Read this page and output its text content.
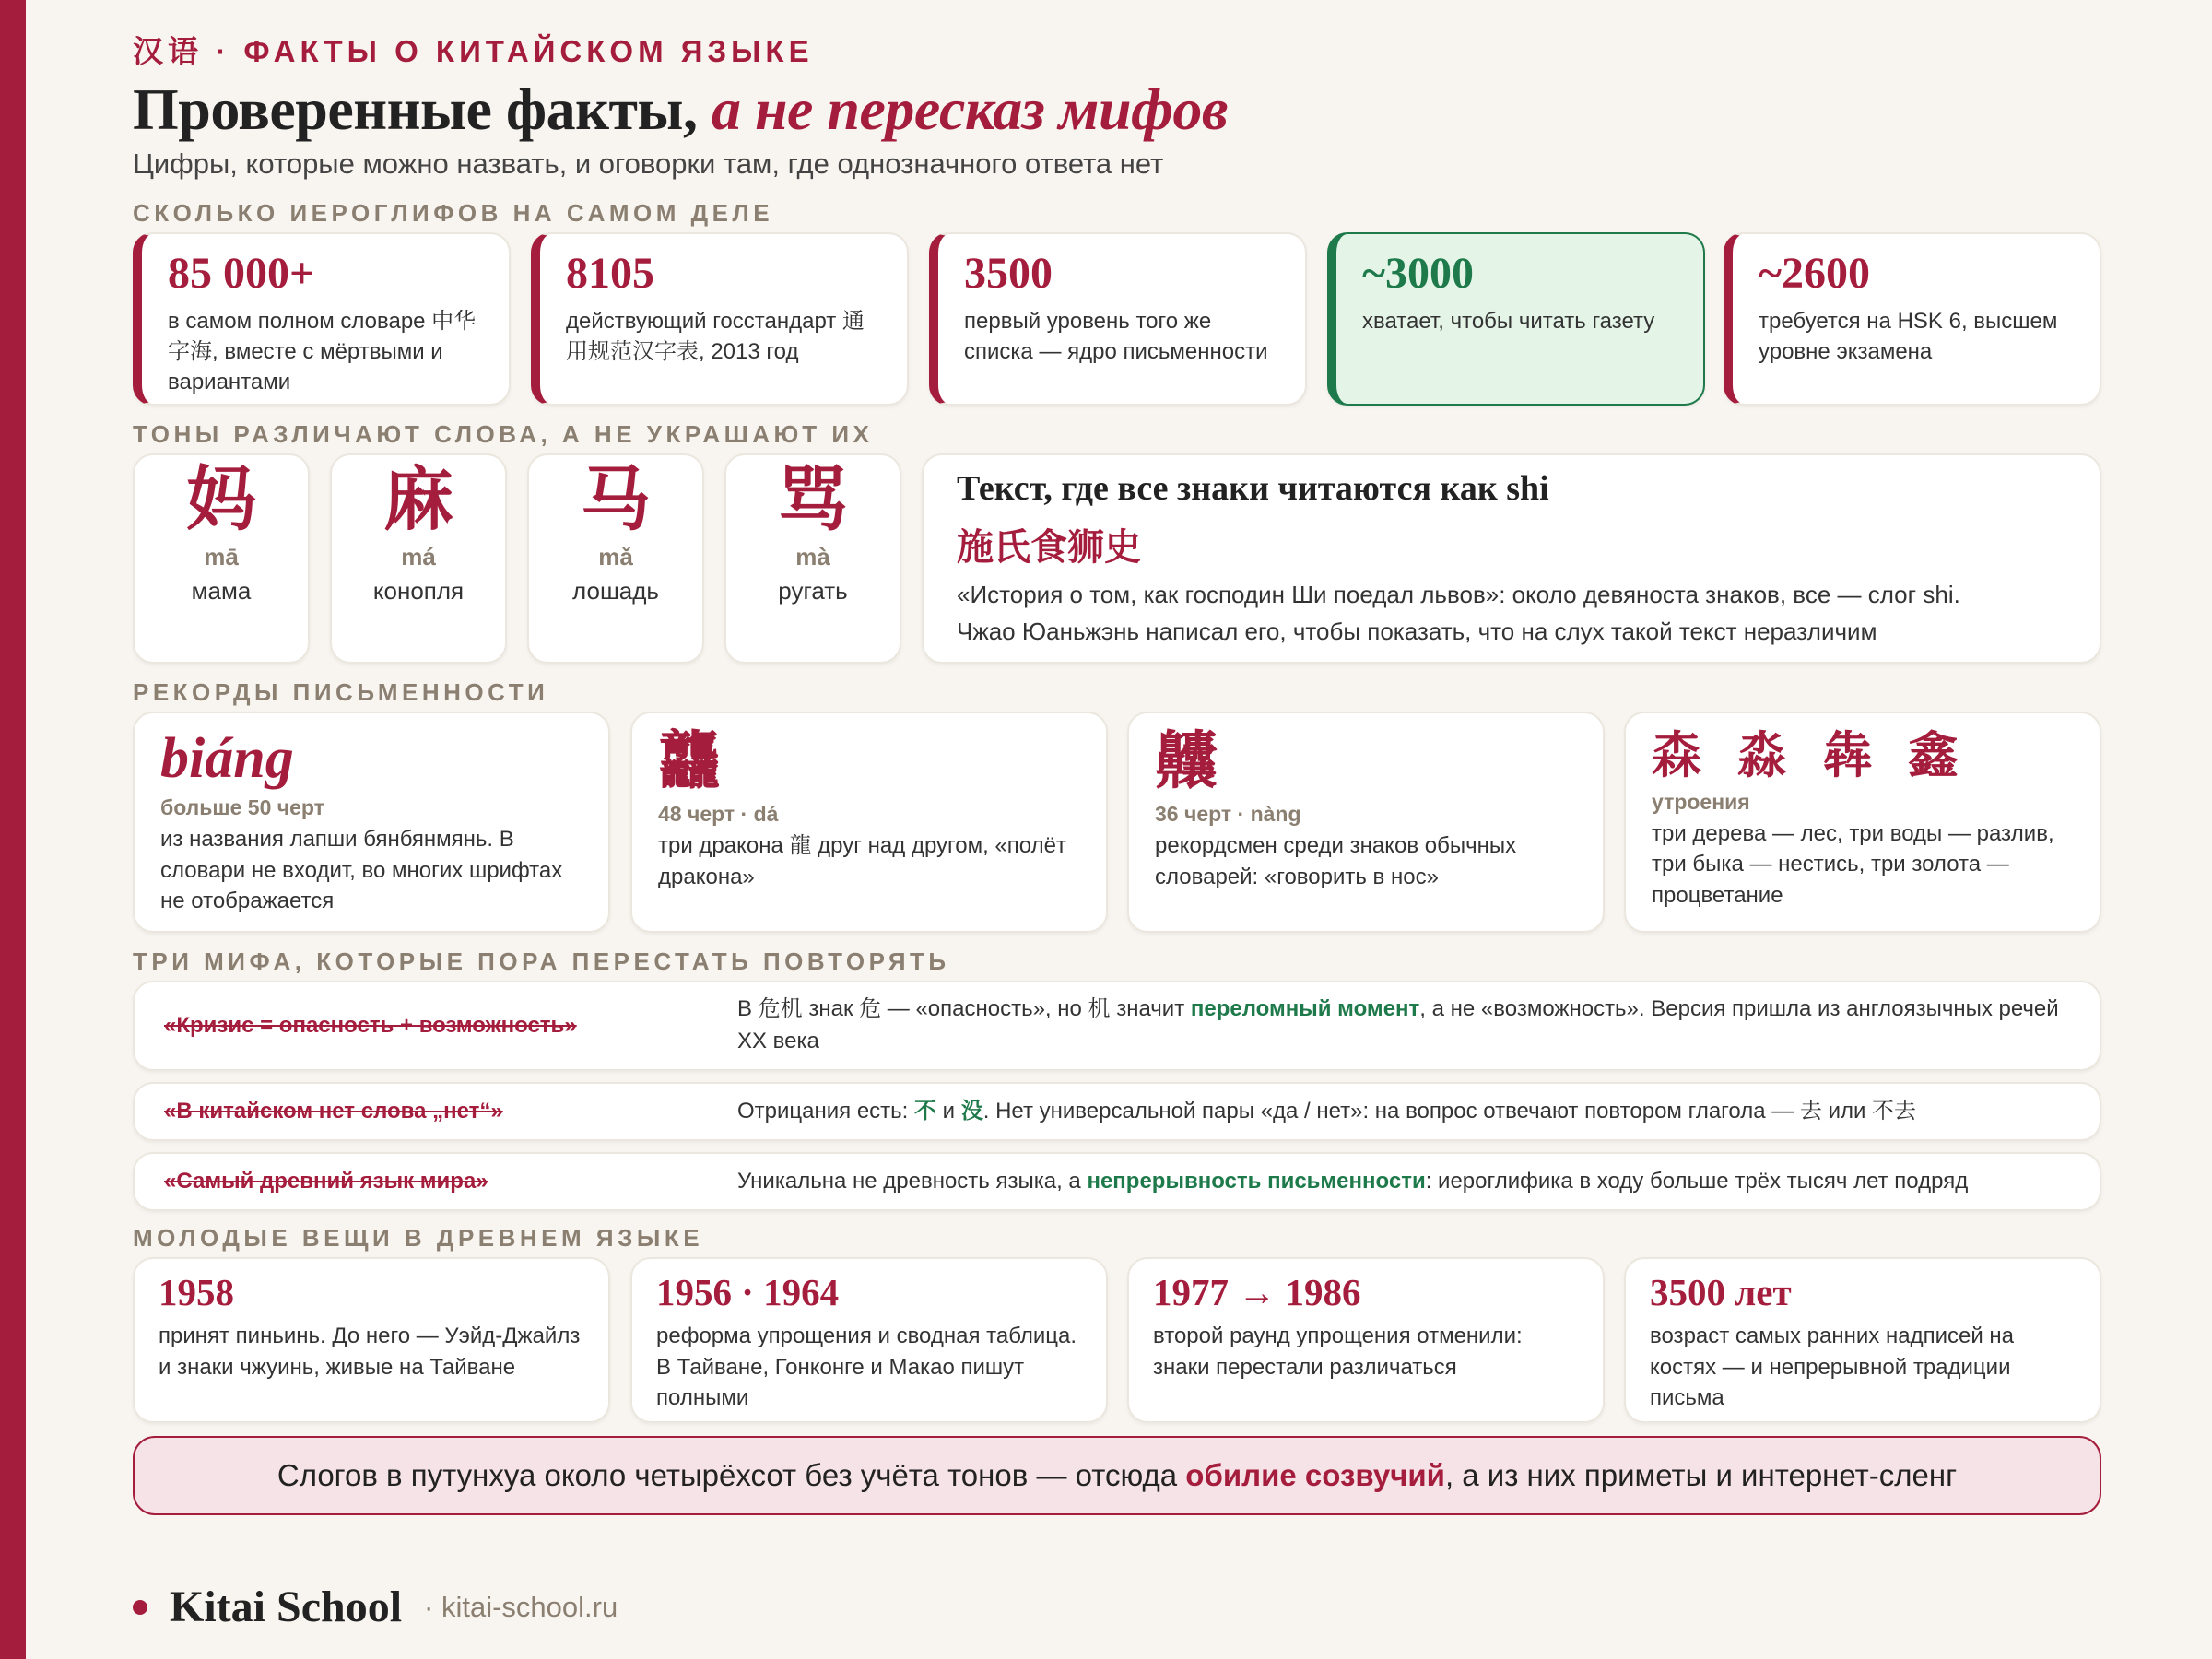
汉语 · ФАКТЫ О КИТАЙСКОМ ЯЗЫКЕ
Проверенные факты, а не пересказ мифов
Цифры, которые можно назвать, и оговорки там, где однозначного ответа нет
СКОЛЬКО ИЕРОГЛИФОВ НА САМОМ ДЕЛЕ
85 000+
в самом полном словаре 中华字海, вместе с мёртвыми и вариантами
8105
действующий госстандарт 通用规范汉字表, 2013 год
3500
первый уровень того же списка — ядро письменности
~3000
хватает, чтобы читать газету
~2600
требуется на HSK 6, высшем уровне экзамена
ТОНЫ РАЗЛИЧАЮТ СЛОВА, А НЕ УКРАШАЮТ ИХ
妈
mā
мама
麻
má
конопля
马
mǎ
лошадь
骂
mà
ругать
Текст, где все знаки читаются как shi
施氏食狮史
«История о том, как господин Ши поедал львов»: около девяноста знаков, все — слог shi.
Чжао Юаньжэнь написал его, чтобы показать, что на слух такой текст неразличим
РЕКОРДЫ ПИСЬМЕННОСТИ
biáng
больше 50 черт
из названия лапши бянбянмянь. В словари не входит, во многих шрифтах не отображается
龘
48 черт · dá
три дракона 龍 друг над другом, «полёт дракона»
齉
36 черт · nàng
рекордсмен среди знаков обычных словарей: «говорить в нос»
森 淼 犇 鑫
утроения
три дерева — лес, три воды — разлив, три быка — нестись, три золота — процветание
ТРИ МИФА, КОТОРЫЕ ПОРА ПЕРЕСТАТЬ ПОВТОРЯТЬ
«Кризис = опасность + возможность»
В 危机 знак 危 — «опасность», но 机 значит переломный момент, а не «возможность». Версия пришла из англоязычных речей XX века
«В китайском нет слова „нет“»	Отрицания есть: 不 и 没. Нет универсальной пары «да / нет»: на вопрос отвечают повтором глагола — 去 или 不去
«Самый древний язык мира»	Уникальна не древность языка, а непрерывность письменности: иероглифика в ходу больше трёх тысяч лет подряд
МОЛОДЫЕ ВЕЩИ В ДРЕВНЕМ ЯЗЫКЕ
1958
принят пиньинь. До него — Уэйд-Джайлз и знаки чжуинь, живые на Тайване
1956 · 1964
реформа упрощения и сводная таблица. В Тайване, Гонконге и Макао пишут полными
1977 → 1986
второй раунд упрощения отменили: знаки перестали различаться
3500 лет
возраст самых ранних надписей на костях — и непрерывной традиции письма
Слогов в путунхуа около четырёхсот без учёта тонов — отсюда обилие созвучий, а из них приметы и интернет-сленг
Kitai School · kitai-school.ru
